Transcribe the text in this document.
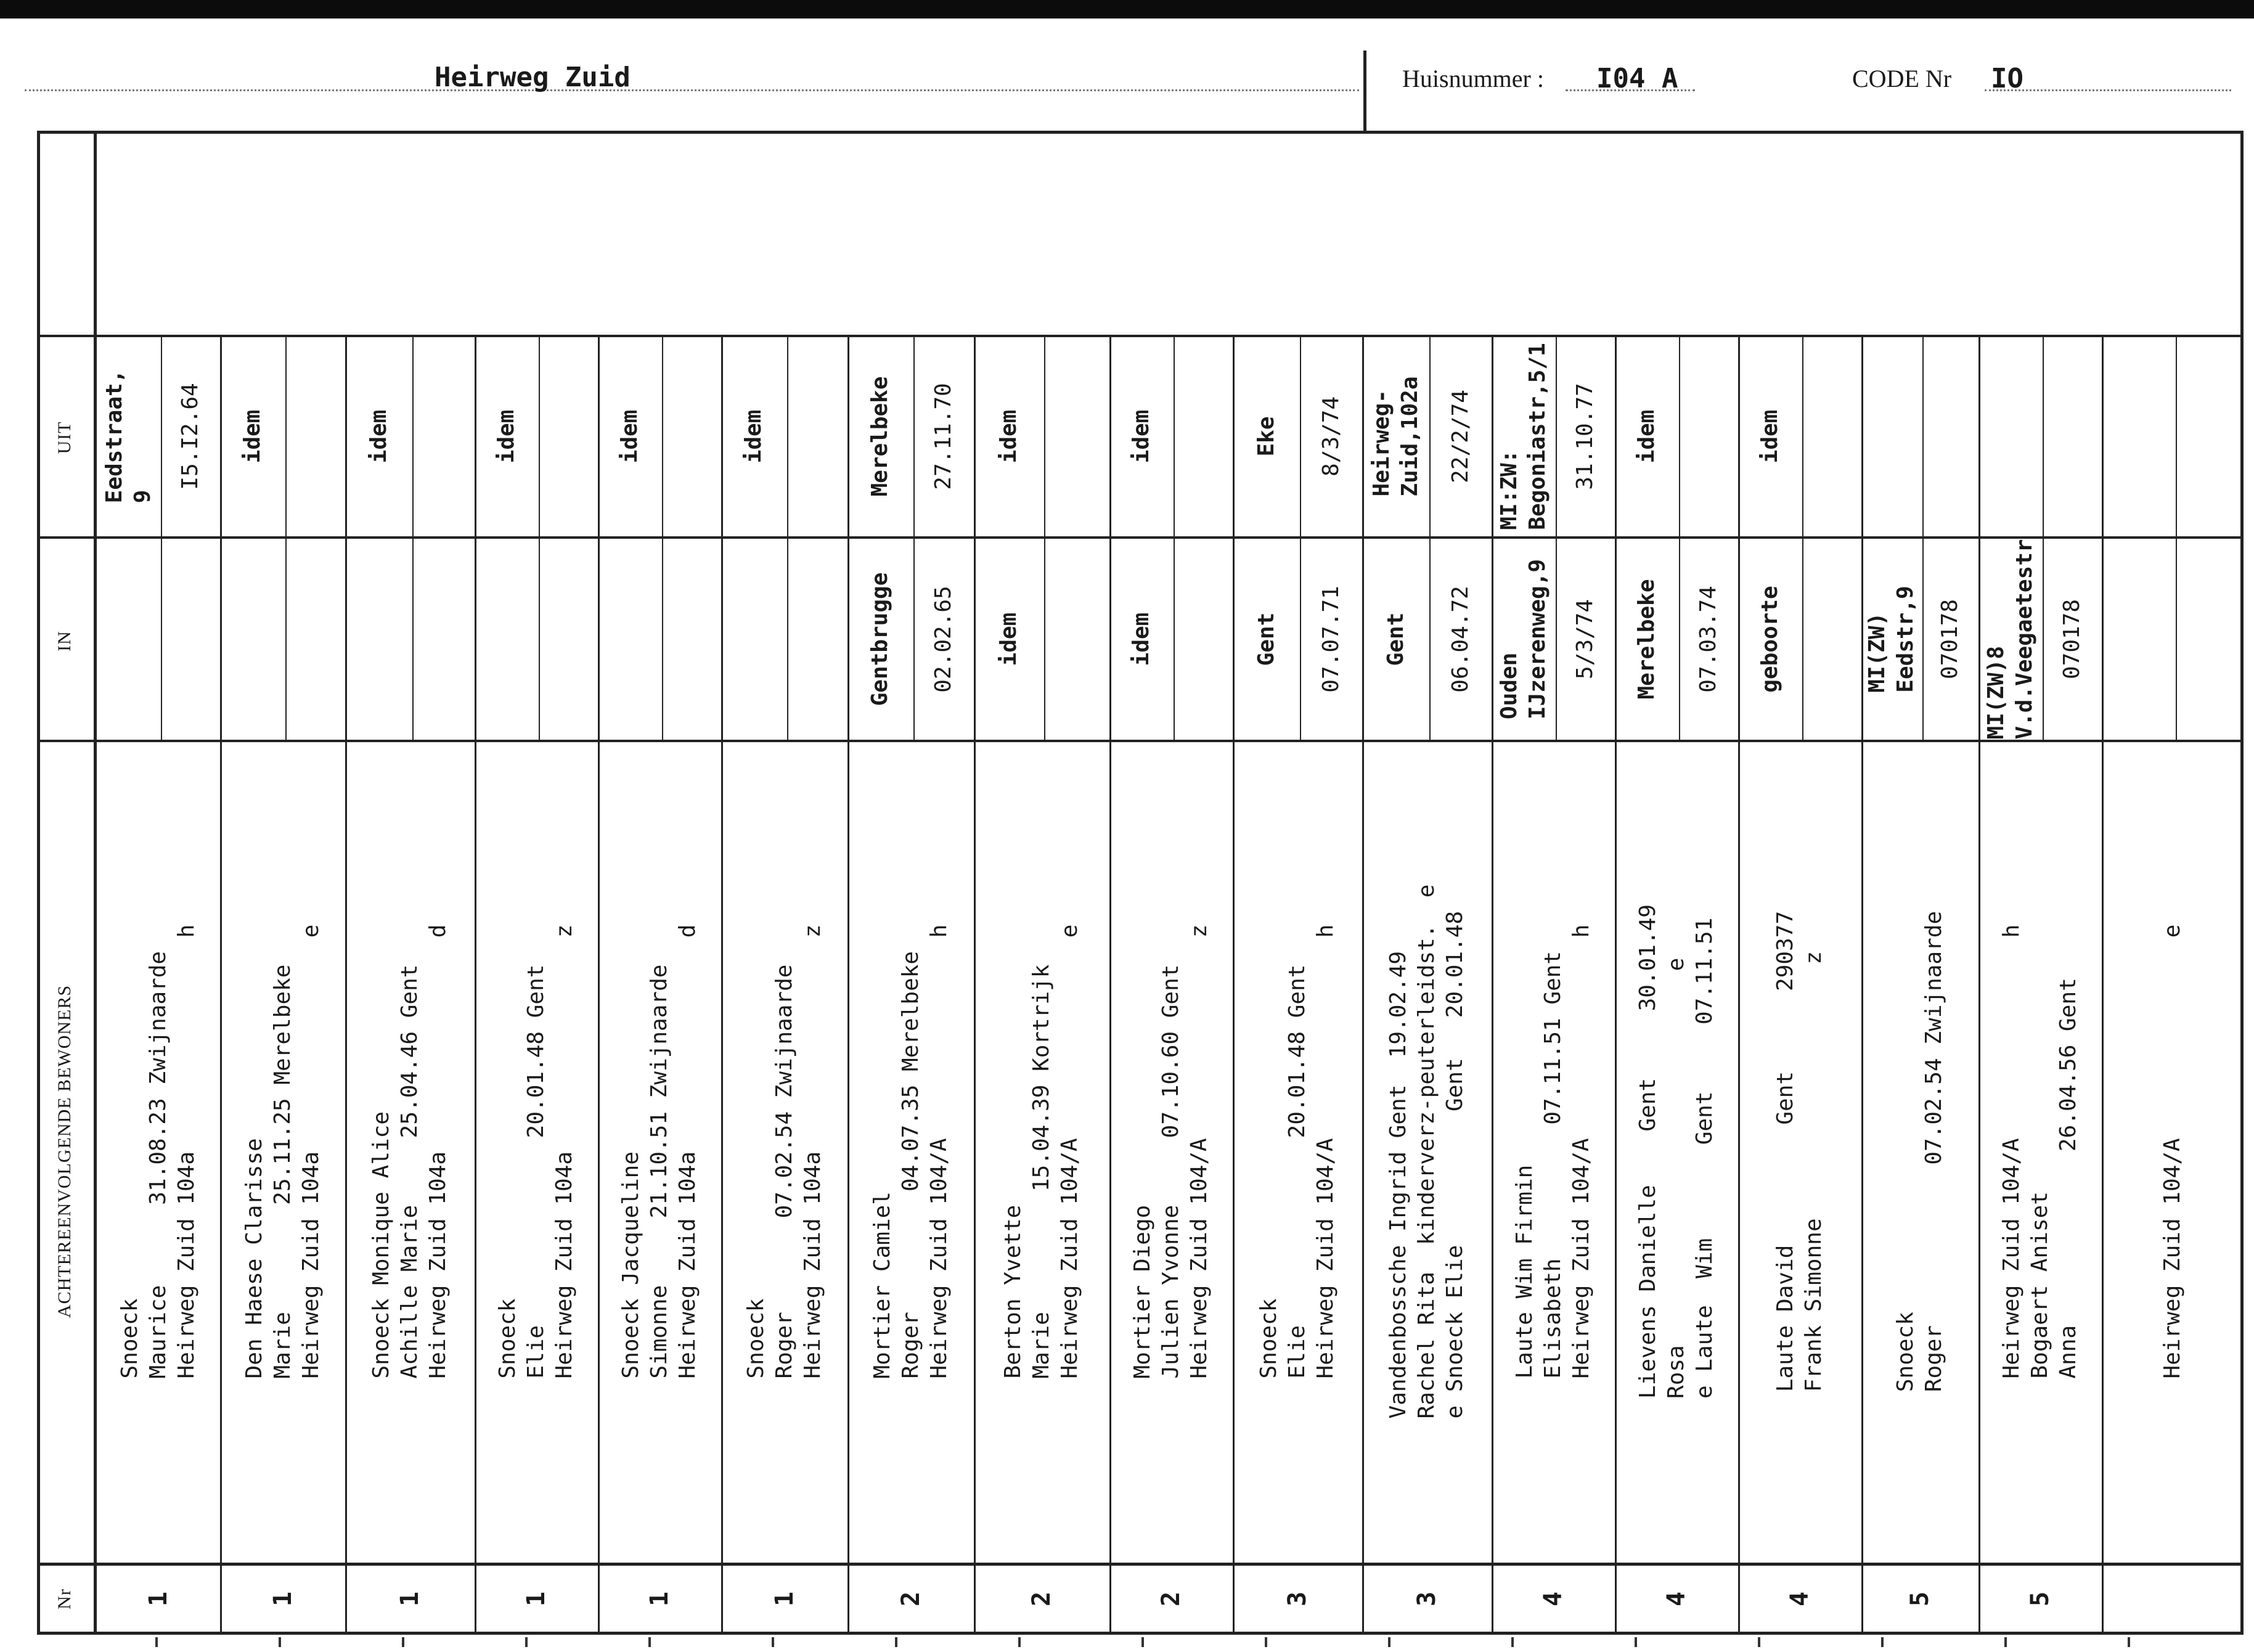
Heirweg Zuid	Huisnummer : I04 A	CODE Nr IO
UIT
IN
ACHTEREENVOLGENDE BEWONERS
Nr
Eedstraat,
9
I5.I2.64
Snoeck
Maurice      31.08.23 Zwijnaarde
Heirweg Zuid 104a                h
1
idem
Den Haese Clarisse
Marie        25.11.25 Merelbeke
Heirweg Zuid 104a                e
1
idem
Snoeck Monique Alice
Achille Marie     25.04.46 Gent
Heirweg Zuid 104a                d
1
idem
Snoeck
Elie              20.01.48 Gent
Heirweg Zuid 104a                z
1
idem
Snoeck Jacqueline
Simonne     21.10.51 Zwijnaarde
Heirweg Zuid 104a                d
1
idem
Snoeck
Roger       07.02.54 Zwijnaarde
Heirweg Zuid 104a                z
1
Merelbeke 27.11.70
Gentbrugge 02.02.65
Mortier Camiel
Roger         04.07.35 Merelbeke
Heirweg Zuid 104/A               h
2
idem
idem
Berton Yvette
Marie         15.04.39 Kortrijk
Heirweg Zuid 104/A               e
2
idem
idem
Mortier Diego
Julien Yvonne     07.10.60 Gent
Heirweg Zuid 104/A               z
2
Eke 8/3/74
Gent 07.07.71
Snoeck
Elie              20.01.48 Gent
Heirweg Zuid 104/A               h
3
Heirweg-
Zuid,102a 22/2/74
Gent 06.04.72
Vandenbossche Ingrid Gent  19.02.49
Rachel Rita  kinderverz-peuterleidst.  e
e Snoeck Elie          Gent   20.01.48
3
MI:ZW:
Begoniastr,5/1 31.10.77
Ouden
IJzerenweg,9 5/3/74
Laute Wim Firmin
Elisabeth          07.11.51 Gent
Heirweg Zuid 104/A               h
4
idem
Merelbeke 07.03.74
Lievens Danielle    Gent     30.01.49
Rosa                            e
e Laute  Wim       Gent     07.11.51
4
idem
geboorte
Laute David         Gent      290377
Frank Simonne                   z
4
MI(ZW)
Eedstr,9 070178
Snoeck
Roger            07.02.54 Zwijnaarde
5
MI(ZW)8
V.d.Veegaetestr 070178
Heirweg Zuid 104/A               h
Bogaert Aniset
Anna             26.04.56 Gent
5
Heirweg Zuid 104/A               e
